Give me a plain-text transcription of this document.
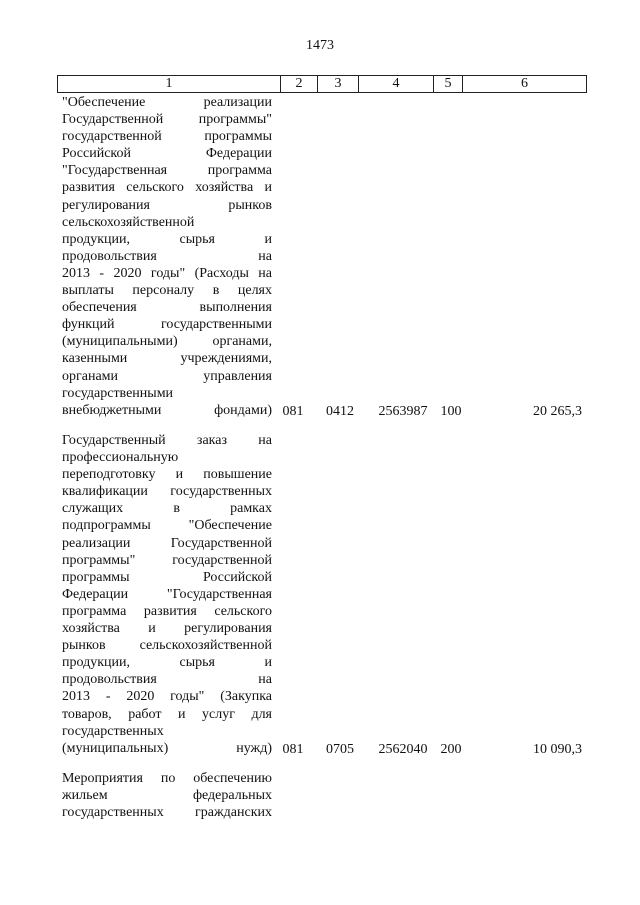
1473
1	2	3	4	5	6
"Обеспечение реализации
Государственной программы"
государственной программы
Российской Федерации
"Государственная программа
развития сельского хозяйства и
регулирования рынков
сельскохозяйственной
продукции, сырья и
продовольствия на
2013 - 2020 годы" (Расходы на
выплаты персоналу в целях
обеспечения выполнения
функций государственными
(муниципальными) органами,
казенными учреждениями,
органами управления
государственными
внебюджетными фондами) 081	0412	2563987 100	20 265,3
Государственный заказ на
профессиональную
переподготовку и повышение
квалификации государственных
служащих в рамках
подпрограммы "Обеспечение
реализации Государственной
программы" государственной
программы Российской
Федерации "Государственная
программа развития сельского
хозяйства и регулирования
рынков сельскохозяйственной
продукции, сырья и
продовольствия на
2013 - 2020 годы" (Закупка
товаров, работ и услуг для
государственных
(муниципальных) нужд) 081	0705	2562040 200	10 090,3
Мероприятия по обеспечению
жильем федеральных
государственных гражданских
